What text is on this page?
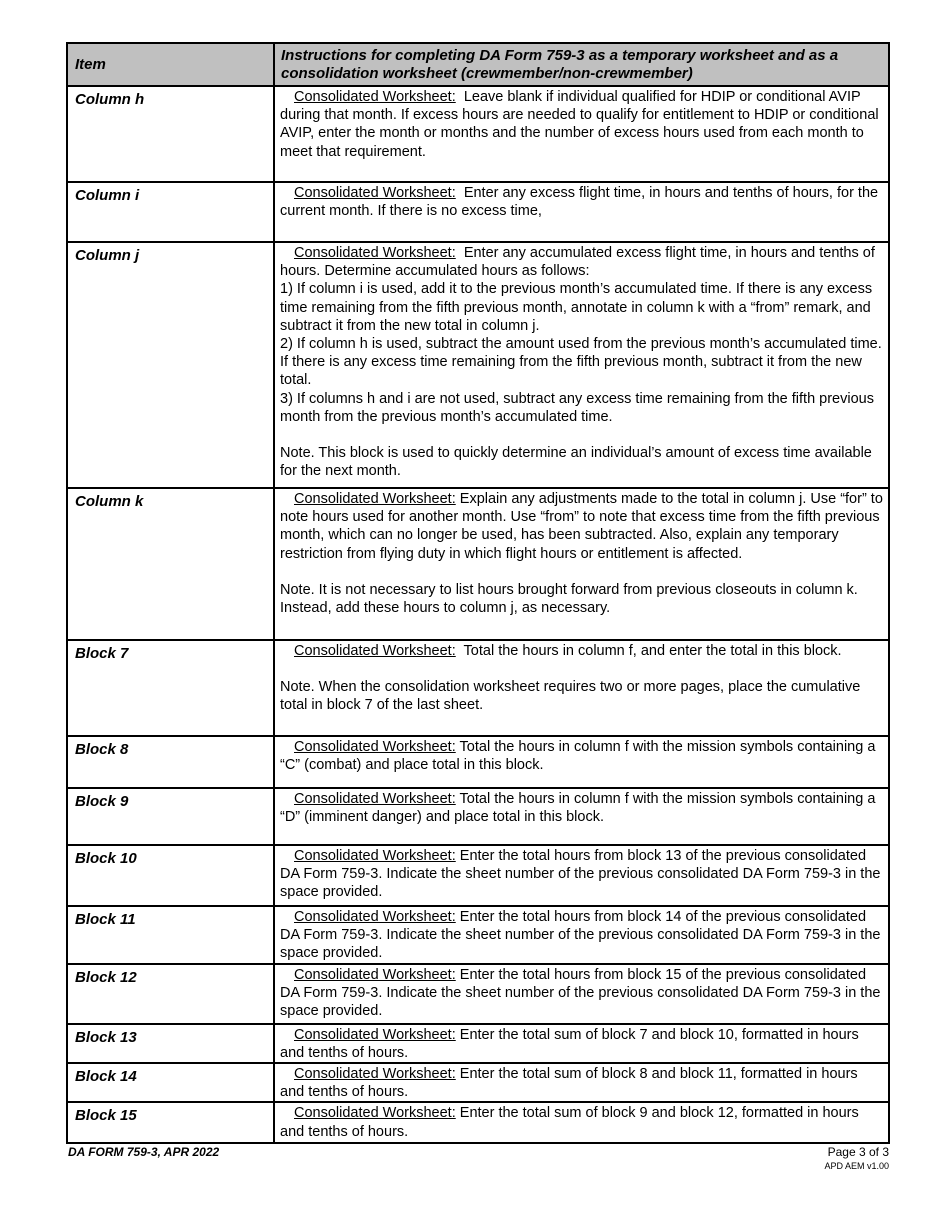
Item	Instructions for completing DA Form 759-3 as a temporary worksheet and as a consolidation worksheet (crewmember/non-crewmember)
Column h	Consolidated Worksheet: Leave blank if individual qualified for HDIP or conditional AVIP during that month. If excess hours are needed to qualify for entitlement to HDIP or conditional AVIP, enter the month or months and the number of excess hours used from each month to meet that requirement.

Column i	Consolidated Worksheet: Enter any excess flight time, in hours and tenths of hours, for the current month. If there is no excess time,

Column j	Consolidated Worksheet: Enter any accumulated excess flight time, in hours and tenths of hours. Determine accumulated hours as follows:

1) If column i is used, add it to the previous month’s accumulated time. If there is any excess time remaining from the fifth previous month, annotate in column k with a “from” remark, and subtract it from the new total in column j.

2) If column h is used, subtract the amount used from the previous month’s accumulated time. If there is any excess time remaining from the fifth previous month, subtract it from the new total.

3) If columns h and i are not used, subtract any excess time remaining from the fifth previous month from the previous month’s accumulated time.

Note. This block is used to quickly determine an individual’s amount of excess time available for the next month.

Column k	Consolidated Worksheet: Explain any adjustments made to the total in column j. Use “for” to note hours used for another month. Use “from” to note that excess time from the fifth previous month, which can no longer be used, has been subtracted. Also, explain any temporary restriction from flying duty in which flight hours or entitlement is affected.

Note. It is not necessary to list hours brought forward from previous closeouts in column k. Instead, add these hours to column j, as necessary.

Block 7	Consolidated Worksheet: Total the hours in column f, and enter the total in this block.

Note. When the consolidation worksheet requires two or more pages, place the cumulative total in block 7 of the last sheet.

Block 8	Consolidated Worksheet: Total the hours in column f with the mission symbols containing a “C” (combat) and place total in this block.

Block 9	Consolidated Worksheet: Total the hours in column f with the mission symbols containing a “D” (imminent danger) and place total in this block.

Block 10	Consolidated Worksheet: Enter the total hours from block 13 of the previous consolidated DA Form 759-3. Indicate the sheet number of the previous consolidated DA Form 759-3 in the space provided.

Block 11	Consolidated Worksheet: Enter the total hours from block 14 of the previous consolidated DA Form 759-3. Indicate the sheet number of the previous consolidated DA Form 759-3 in the space provided.

Block 12	Consolidated Worksheet: Enter the total hours from block 15 of the previous consolidated DA Form 759-3. Indicate the sheet number of the previous consolidated DA Form 759-3 in the space provided.

Block 13	Consolidated Worksheet: Enter the total sum of block 7 and block 10, formatted in hours and tenths of hours.

Block 14	Consolidated Worksheet: Enter the total sum of block 8 and block 11, formatted in hours and tenths of hours.

Block 15	Consolidated Worksheet: Enter the total sum of block 9 and block 12, formatted in hours and tenths of hours.

DA FORM 759-3, APR 2022	Page 3 of 3
APD AEM v1.00
